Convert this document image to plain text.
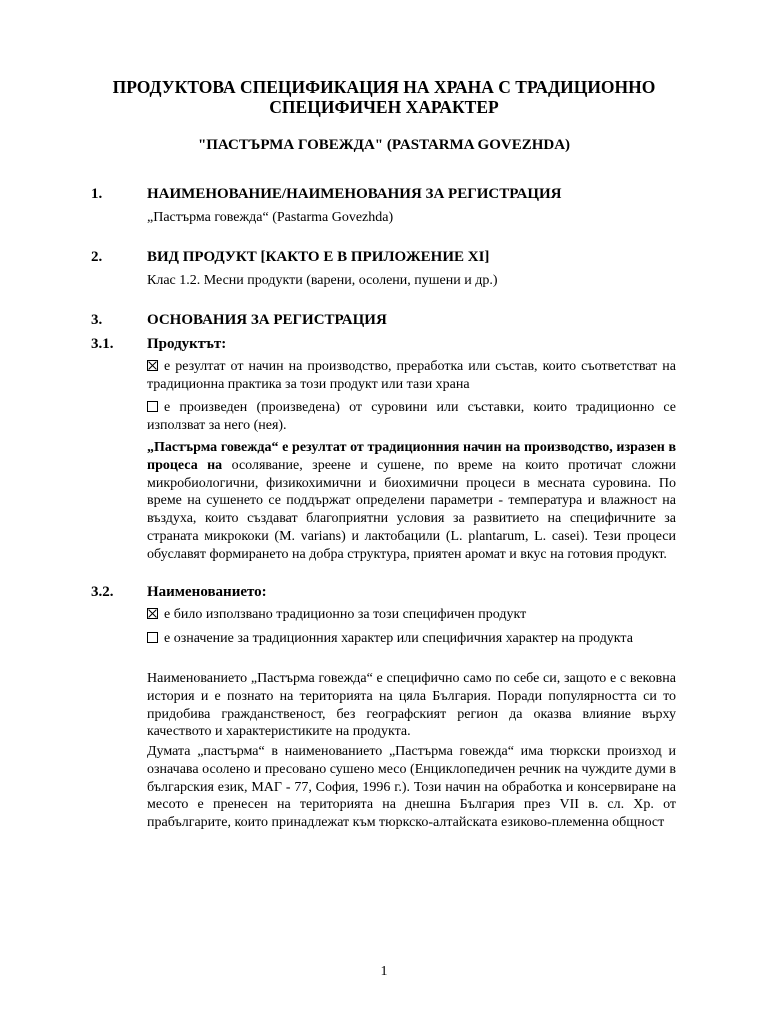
ПРОДУКТОВА СПЕЦИФИКАЦИЯ НА ХРАНА С ТРАДИЦИОННО СПЕЦИФИЧЕН ХАРАКТЕР
"ПАСТЪРМА ГОВЕЖДА" (PASTARMA GOVEZHDA)
1.	НАИМЕНОВАНИЕ/НАИМЕНОВАНИЯ ЗА РЕГИСТРАЦИЯ
„Пастърма говежда“ (Pastarma Govezhda)
2.	ВИД ПРОДУКТ [КАКТО Е В ПРИЛОЖЕНИЕ XI]
Клас 1.2. Месни продукти (варени, осолени, пушени и др.)
3.	ОСНОВАНИЯ ЗА РЕГИСТРАЦИЯ
3.1. Продуктът:
е резултат от начин на производство, преработка или състав, които съответстват на традиционна практика за този продукт или тази храна
е произведен (произведена) от суровини или съставки, които традиционно се използват за него (нея).
„Пастърма говежда“ е резултат от традиционния начин на производство, изразен в процеса на осолявание, зреене и сушене, по време на които протичат сложни микробиологични, физикохимични и биохимични процеси в месната суровина. По време на сушенето се поддържат определени параметри - температура и влажност на въздуха, които създават благоприятни условия за развитието на специфичните за страната микрококи (M. varians) и лактобацили (L. plantarum, L. casei). Тези процеси обуславят формирането на добра структура, приятен аромат и вкус на готовия продукт.
3.2. Наименованието:
е било използвано традиционно за този специфичен продукт
е означение за традиционния характер или специфичния характер на продукта
Наименованието „Пастърма говежда“ е специфично само по себе си, защото е с вековна история и е познато на територията на цяла България. Поради популярността си то придобива гражданственост, без географският регион да оказва влияние върху качеството и характеристиките на продукта.
Думата „пастърма“ в наименованието „Пастърма говежда“ има тюркски произход и означава осолено и пресовано сушено месо (Енциклопедичен речник на чуждите думи в българския език, МАГ - 77, София, 1996 г.). Този начин на обработка и консервиране на месото е пренесен на територията на днешна България през VII в. сл. Хр. от прабългарите, които принадлежат към тюркско-алтайската езиково-племенна общност
1
